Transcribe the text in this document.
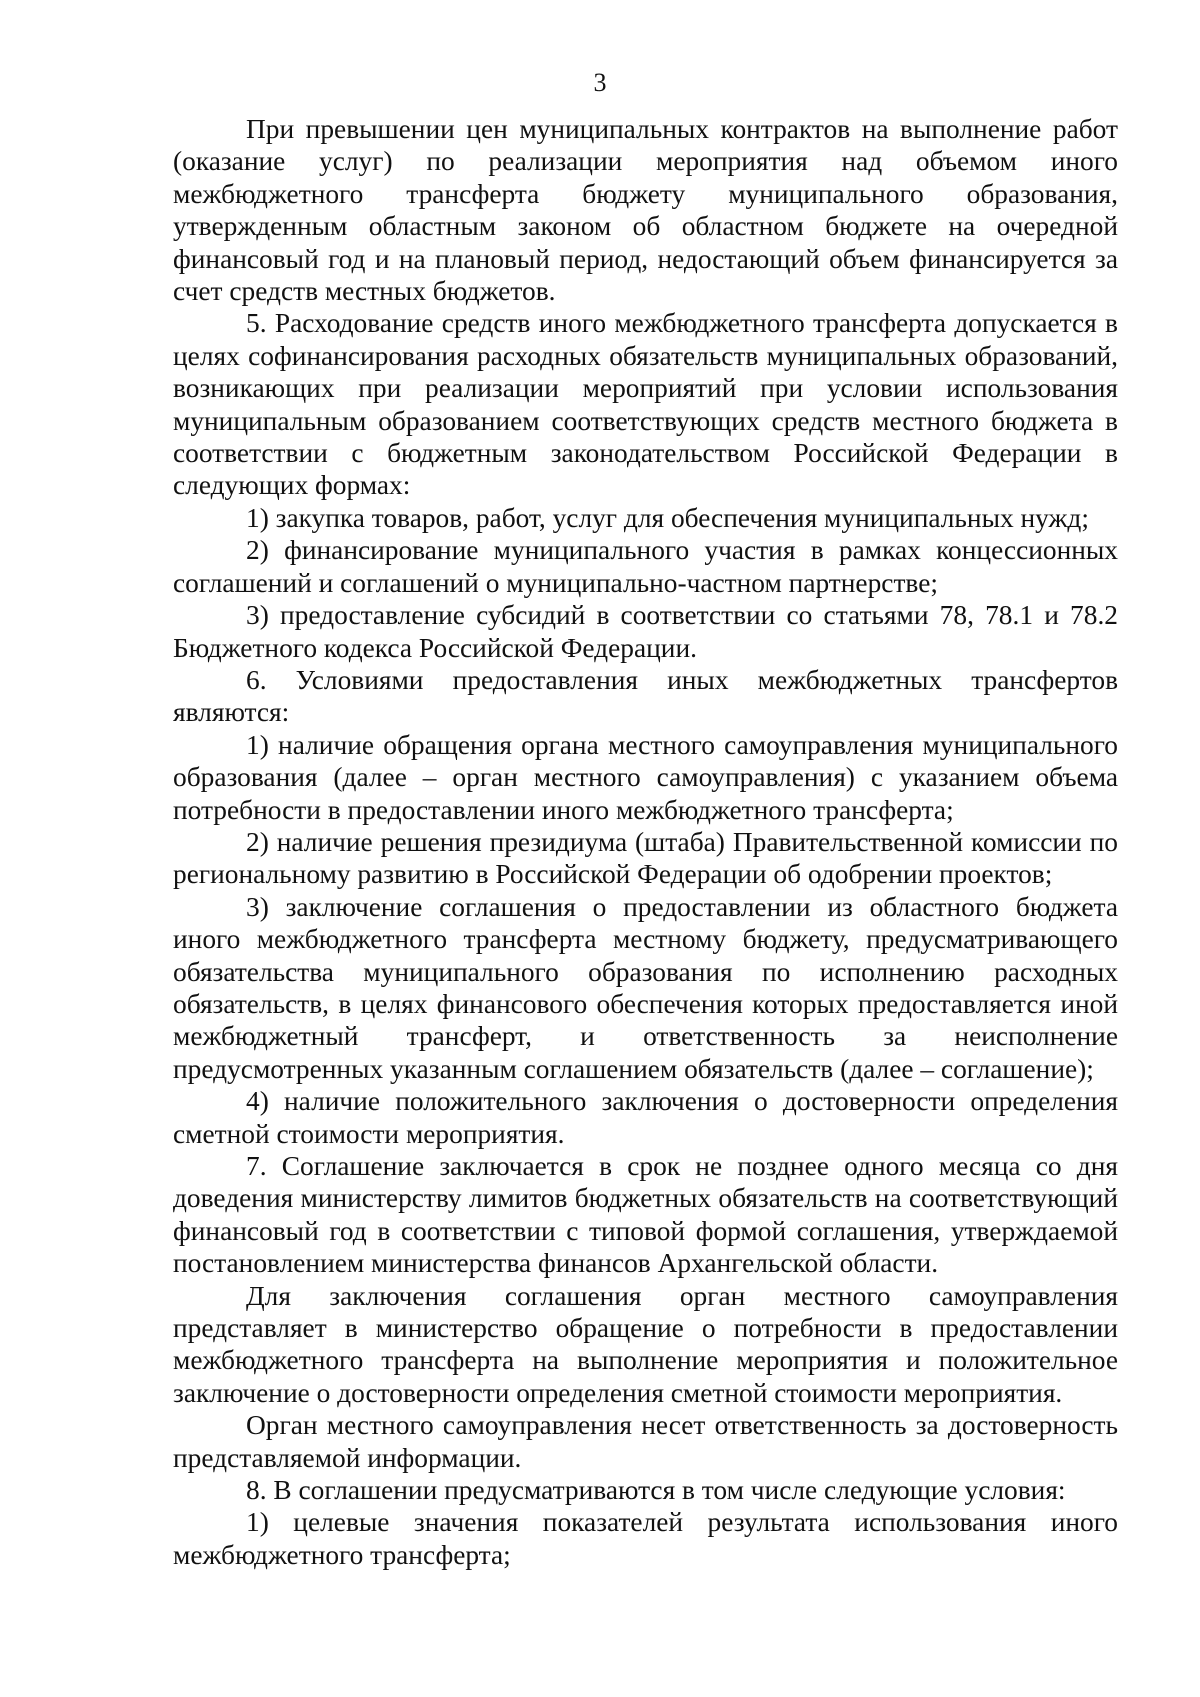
3

При превышении цен муниципальных контрактов на выполнение работ (оказание услуг) по реализации мероприятия над объемом иного межбюджетного трансферта бюджету муниципального образования, утвержденным областным законом об областном бюджете на очередной финансовый год и на плановый период, недостающий объем финансируется за счет средств местных бюджетов.

5. Расходование средств иного межбюджетного трансферта допускается в целях софинансирования расходных обязательств муниципальных образований, возникающих при реализации мероприятий при условии использования муниципальным образованием соответствующих средств местного бюджета в соответствии с бюджетным законодательством Российской Федерации в следующих формах:

1) закупка товаров, работ, услуг для обеспечения муниципальных нужд;

2) финансирование муниципального участия в рамках концессионных соглашений и соглашений о муниципально-частном партнерстве;

3) предоставление субсидий в соответствии со статьями 78, 78.1 и 78.2 Бюджетного кодекса Российской Федерации.

6. Условиями предоставления иных межбюджетных трансфертов являются:

1) наличие обращения органа местного самоуправления муниципального образования (далее – орган местного самоуправления) с указанием объема потребности в предоставлении иного межбюджетного трансферта;

2) наличие решения президиума (штаба) Правительственной комиссии по региональному развитию в Российской Федерации об одобрении проектов;

3) заключение соглашения о предоставлении из областного бюджета иного межбюджетного трансферта местному бюджету, предусматривающего обязательства муниципального образования по исполнению расходных обязательств, в целях финансового обеспечения которых предоставляется иной межбюджетный трансферт, и ответственность за неисполнение предусмотренных указанным соглашением обязательств (далее – соглашение);

4) наличие положительного заключения о достоверности определения сметной стоимости мероприятия.

7. Соглашение заключается в срок не позднее одного месяца со дня доведения министерству лимитов бюджетных обязательств на соответствующий финансовый год в соответствии с типовой формой соглашения, утверждаемой постановлением министерства финансов Архангельской области.

Для заключения соглашения орган местного самоуправления представляет в министерство обращение о потребности в предоставлении межбюджетного трансферта на выполнение мероприятия и положительное заключение о достоверности определения сметной стоимости мероприятия.

Орган местного самоуправления несет ответственность за достоверность представляемой информации.

8. В соглашении предусматриваются в том числе следующие условия:

1) целевые значения показателей результата использования иного межбюджетного трансферта;
